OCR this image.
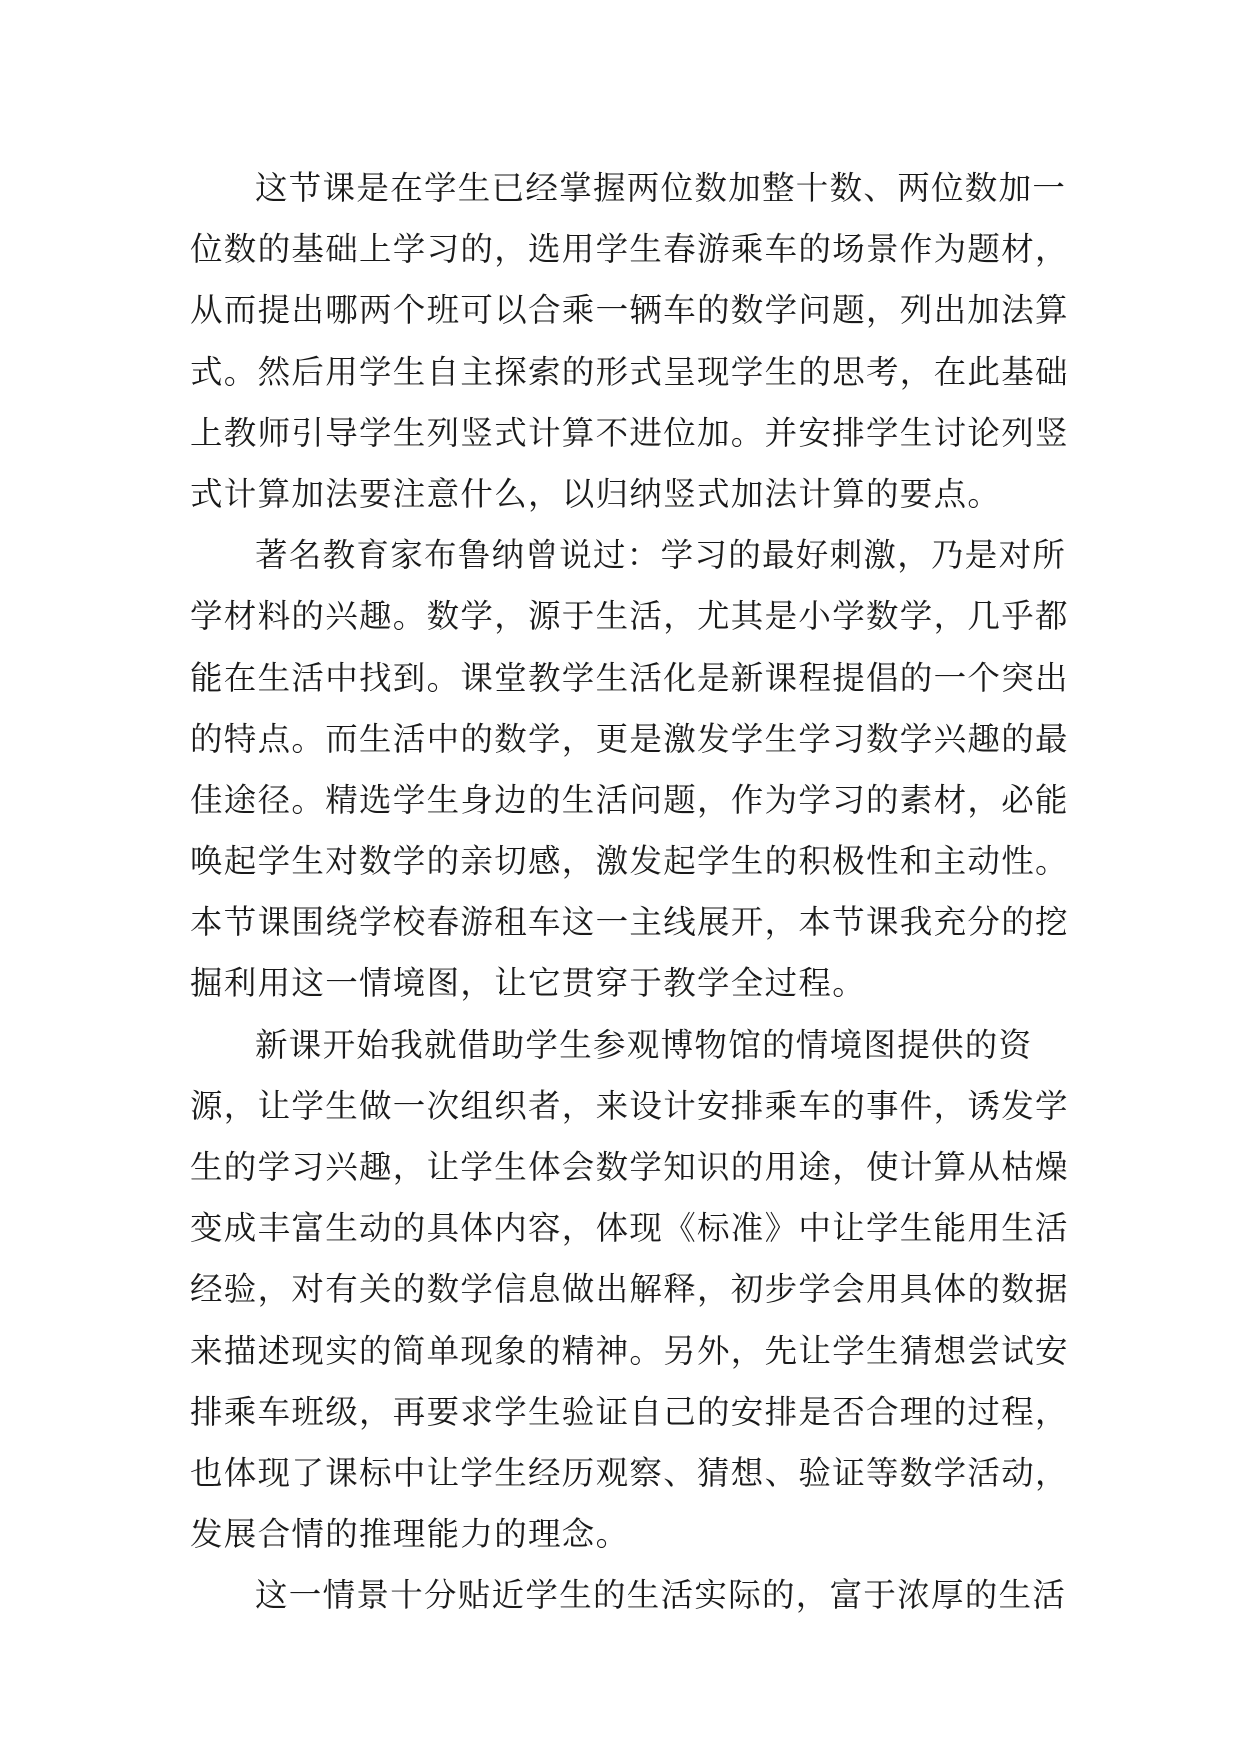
这节课是在学生已经掌握两位数加整十数、两位数加一
位数的基础上学习的，选用学生春游乘车的场景作为题材，
从而提出哪两个班可以合乘一辆车的数学问题，列出加法算
式。然后用学生自主探索的形式呈现学生的思考，在此基础
上教师引导学生列竖式计算不进位加。并安排学生讨论列竖
式计算加法要注意什么，以归纳竖式加法计算的要点。
著名教育家布鲁纳曾说过：学习的最好刺激，乃是对所
学材料的兴趣。数学，源于生活，尤其是小学数学，几乎都
能在生活中找到。课堂教学生活化是新课程提倡的一个突出
的特点。而生活中的数学，更是激发学生学习数学兴趣的最
佳途径。精选学生身边的生活问题，作为学习的素材，必能
唤起学生对数学的亲切感，激发起学生的积极性和主动性。
本节课围绕学校春游租车这一主线展开，本节课我充分的挖
掘利用这一情境图，让它贯穿于教学全过程。
新课开始我就借助学生参观博物馆的情境图提供的资
源，让学生做一次组织者，来设计安排乘车的事件，诱发学
生的学习兴趣，让学生体会数学知识的用途，使计算从枯燥
变成丰富生动的具体内容，体现《标准》中让学生能用生活
经验，对有关的数学信息做出解释，初步学会用具体的数据
来描述现实的简单现象的精神。另外，先让学生猜想尝试安
排乘车班级，再要求学生验证自己的安排是否合理的过程，
也体现了课标中让学生经历观察、猜想、验证等数学活动，
发展合情的推理能力的理念。
这一情景十分贴近学生的生活实际的，富于浓厚的生活
